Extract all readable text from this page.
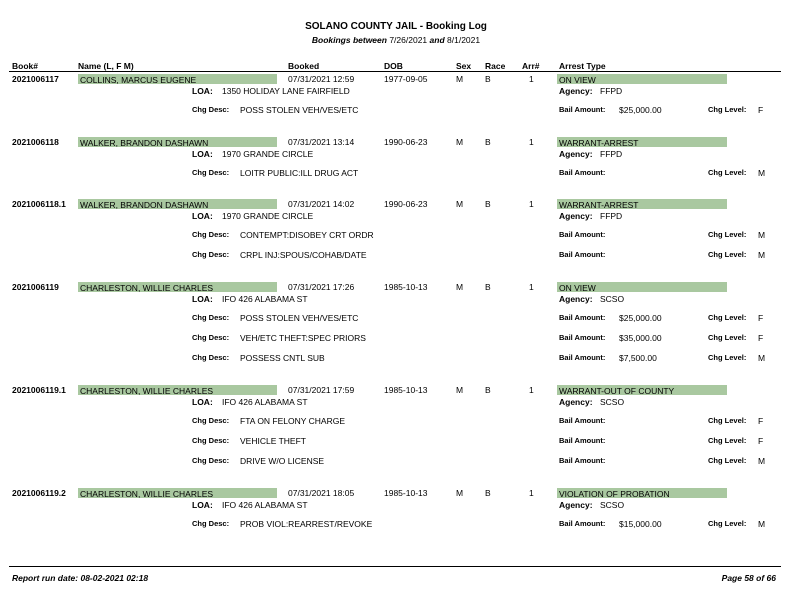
SOLANO COUNTY JAIL - Booking Log
Bookings between 7/26/2021 and 8/1/2021
Book#	Name (L, F M)	Booked	DOB	Sex Race Arr# Arrest Type
2021006117 COLLINS, MARCUS EUGENE	07/31/2021 12:59	1977-09-05	M	B	1	ON VIEW
LOA: 1350 HOLIDAY LANE FAIRFIELD	Agency: FFPD
Chg Desc: POSS STOLEN VEH/VES/ETC	Bail Amount: $25,000.00	Chg Level: F
2021006118 WALKER, BRANDON DASHAWN	07/31/2021 13:14	1990-06-23	M	B	1	WARRANT-ARREST
LOA: 1970 GRANDE CIRCLE	Agency: FFPD
Chg Desc: LOITR PUBLIC:ILL DRUG ACT	Bail Amount:	Chg Level: M
2021006118.1 WALKER, BRANDON DASHAWN	07/31/2021 14:02	1990-06-23	M	B	1	WARRANT-ARREST
LOA: 1970 GRANDE CIRCLE	Agency: FFPD
Chg Desc: CONTEMPT:DISOBEY CRT ORDR	Bail Amount:	Chg Level: M
Chg Desc: CRPL INJ:SPOUS/COHAB/DATE	Bail Amount:	Chg Level: M
2021006119 CHARLESTON, WILLIE CHARLES	07/31/2021 17:26	1985-10-13	M	B	1	ON VIEW
LOA: IFO 426 ALABAMA ST	Agency: SCSO
Chg Desc: POSS STOLEN VEH/VES/ETC	Bail Amount: $25,000.00	Chg Level: F
Chg Desc: VEH/ETC THEFT:SPEC PRIORS	Bail Amount: $35,000.00	Chg Level: F
Chg Desc: POSSESS CNTL SUB	Bail Amount: $7,500.00	Chg Level: M
2021006119.1 CHARLESTON, WILLIE CHARLES	07/31/2021 17:59	1985-10-13	M	B	1	WARRANT-OUT OF COUNTY
LOA: IFO 426 ALABAMA ST	Agency: SCSO
Chg Desc: FTA ON FELONY CHARGE	Bail Amount:	Chg Level: F
Chg Desc: VEHICLE THEFT	Bail Amount:	Chg Level: F
Chg Desc: DRIVE W/O LICENSE	Bail Amount:	Chg Level: M
2021006119.2 CHARLESTON, WILLIE CHARLES	07/31/2021 18:05	1985-10-13	M	B	1	VIOLATION OF PROBATION
LOA: IFO 426 ALABAMA ST	Agency: SCSO
Chg Desc: PROB VIOL:REARREST/REVOKE	Bail Amount: $15,000.00	Chg Level: M
Report run date: 08-02-2021 02:18	Page 58 of 66
